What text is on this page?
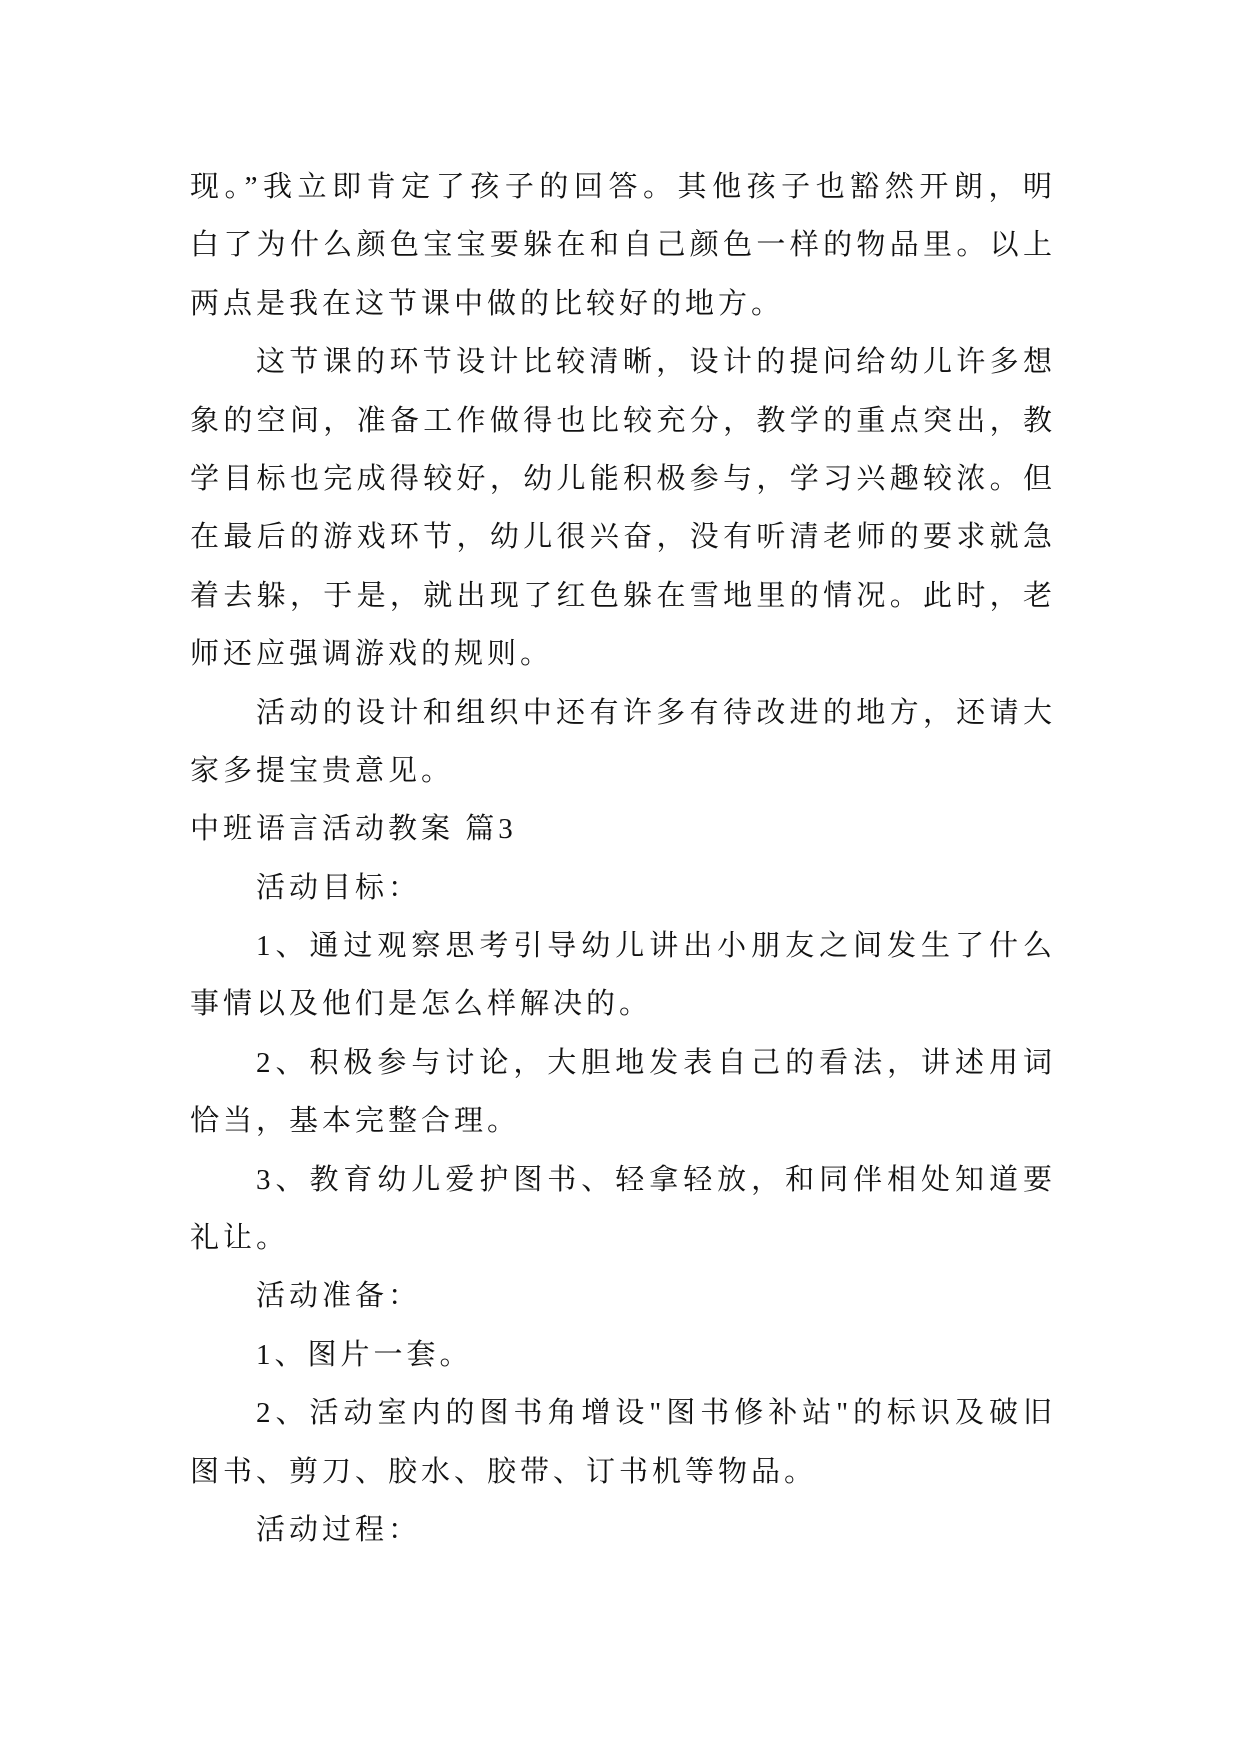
现。”我立即肯定了孩子的回答。其他孩子也豁然开朗，明
白了为什么颜色宝宝要躲在和自己颜色一样的物品里。以上
两点是我在这节课中做的比较好的地方。
这节课的环节设计比较清晰，设计的提问给幼儿许多想
象的空间，准备工作做得也比较充分，教学的重点突出，教
学目标也完成得较好，幼儿能积极参与，学习兴趣较浓。但
在最后的游戏环节，幼儿很兴奋，没有听清老师的要求就急
着去躲，于是，就出现了红色躲在雪地里的情况。此时，老
师还应强调游戏的规则。
活动的设计和组织中还有许多有待改进的地方，还请大
家多提宝贵意见。
中班语言活动教案 篇3
活动目标：
1、通过观察思考引导幼儿讲出小朋友之间发生了什么
事情以及他们是怎么样解决的。
2、积极参与讨论，大胆地发表自己的看法，讲述用词
恰当，基本完整合理。
3、教育幼儿爱护图书、轻拿轻放，和同伴相处知道要
礼让。
活动准备：
1、图片一套。
2、活动室内的图书角增设"图书修补站"的标识及破旧
图书、剪刀、胶水、胶带、订书机等物品。
活动过程：
